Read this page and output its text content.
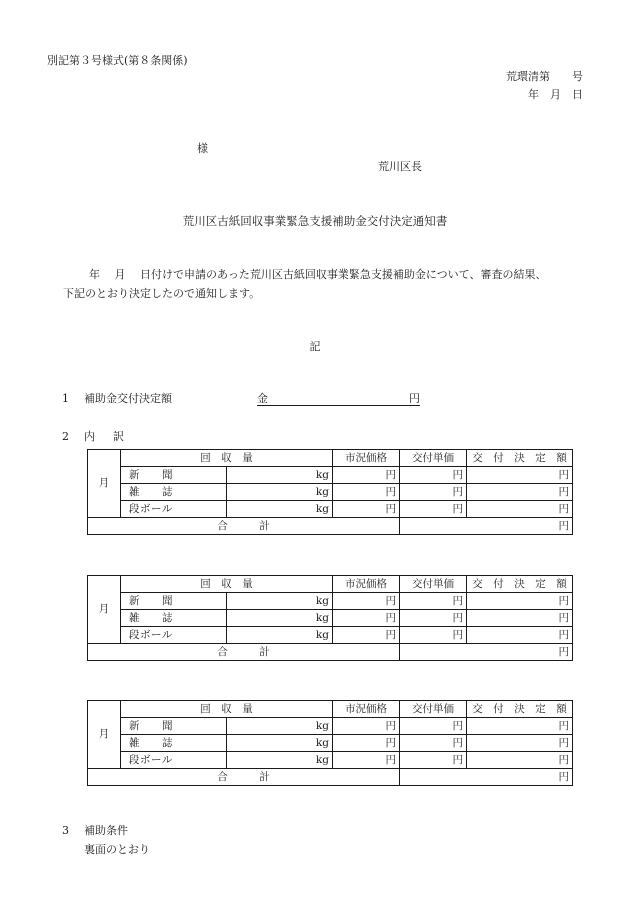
別記第３号様式(第８条関係)
荒環清第　　号
年　月　日
様
荒川区長
荒川区古紙回収事業緊急支援補助金交付決定通知書
年　 月　 日付けで申請のあった荒川区古紙回収事業緊急支援補助金について、審査の結果、
下記のとおり決定したので通知します。
記
1 補助金交付決定額	金	円
2 内 訳
月	回　収　量		市況価格	交付単価	交　付　決　定　額
	新　　聞	kg	円	円	円
	雑　　誌	kg	円	円	円
	段ボール	kg	円	円	円
合　　　計				円	
月	回　収　量		市況価格	交付単価	交　付　決　定　額
	新　　聞	kg	円	円	円
	雑　　誌	kg	円	円	円
	段ボール	kg	円	円	円
合　　　計				円	
月	回　収　量		市況価格	交付単価	交　付　決　定　額
	新　　聞	kg	円	円	円
	雑　　誌	kg	円	円	円
	段ボール	kg	円	円	円
合　　　計				円	
3 補助条件
裏面のとおり
